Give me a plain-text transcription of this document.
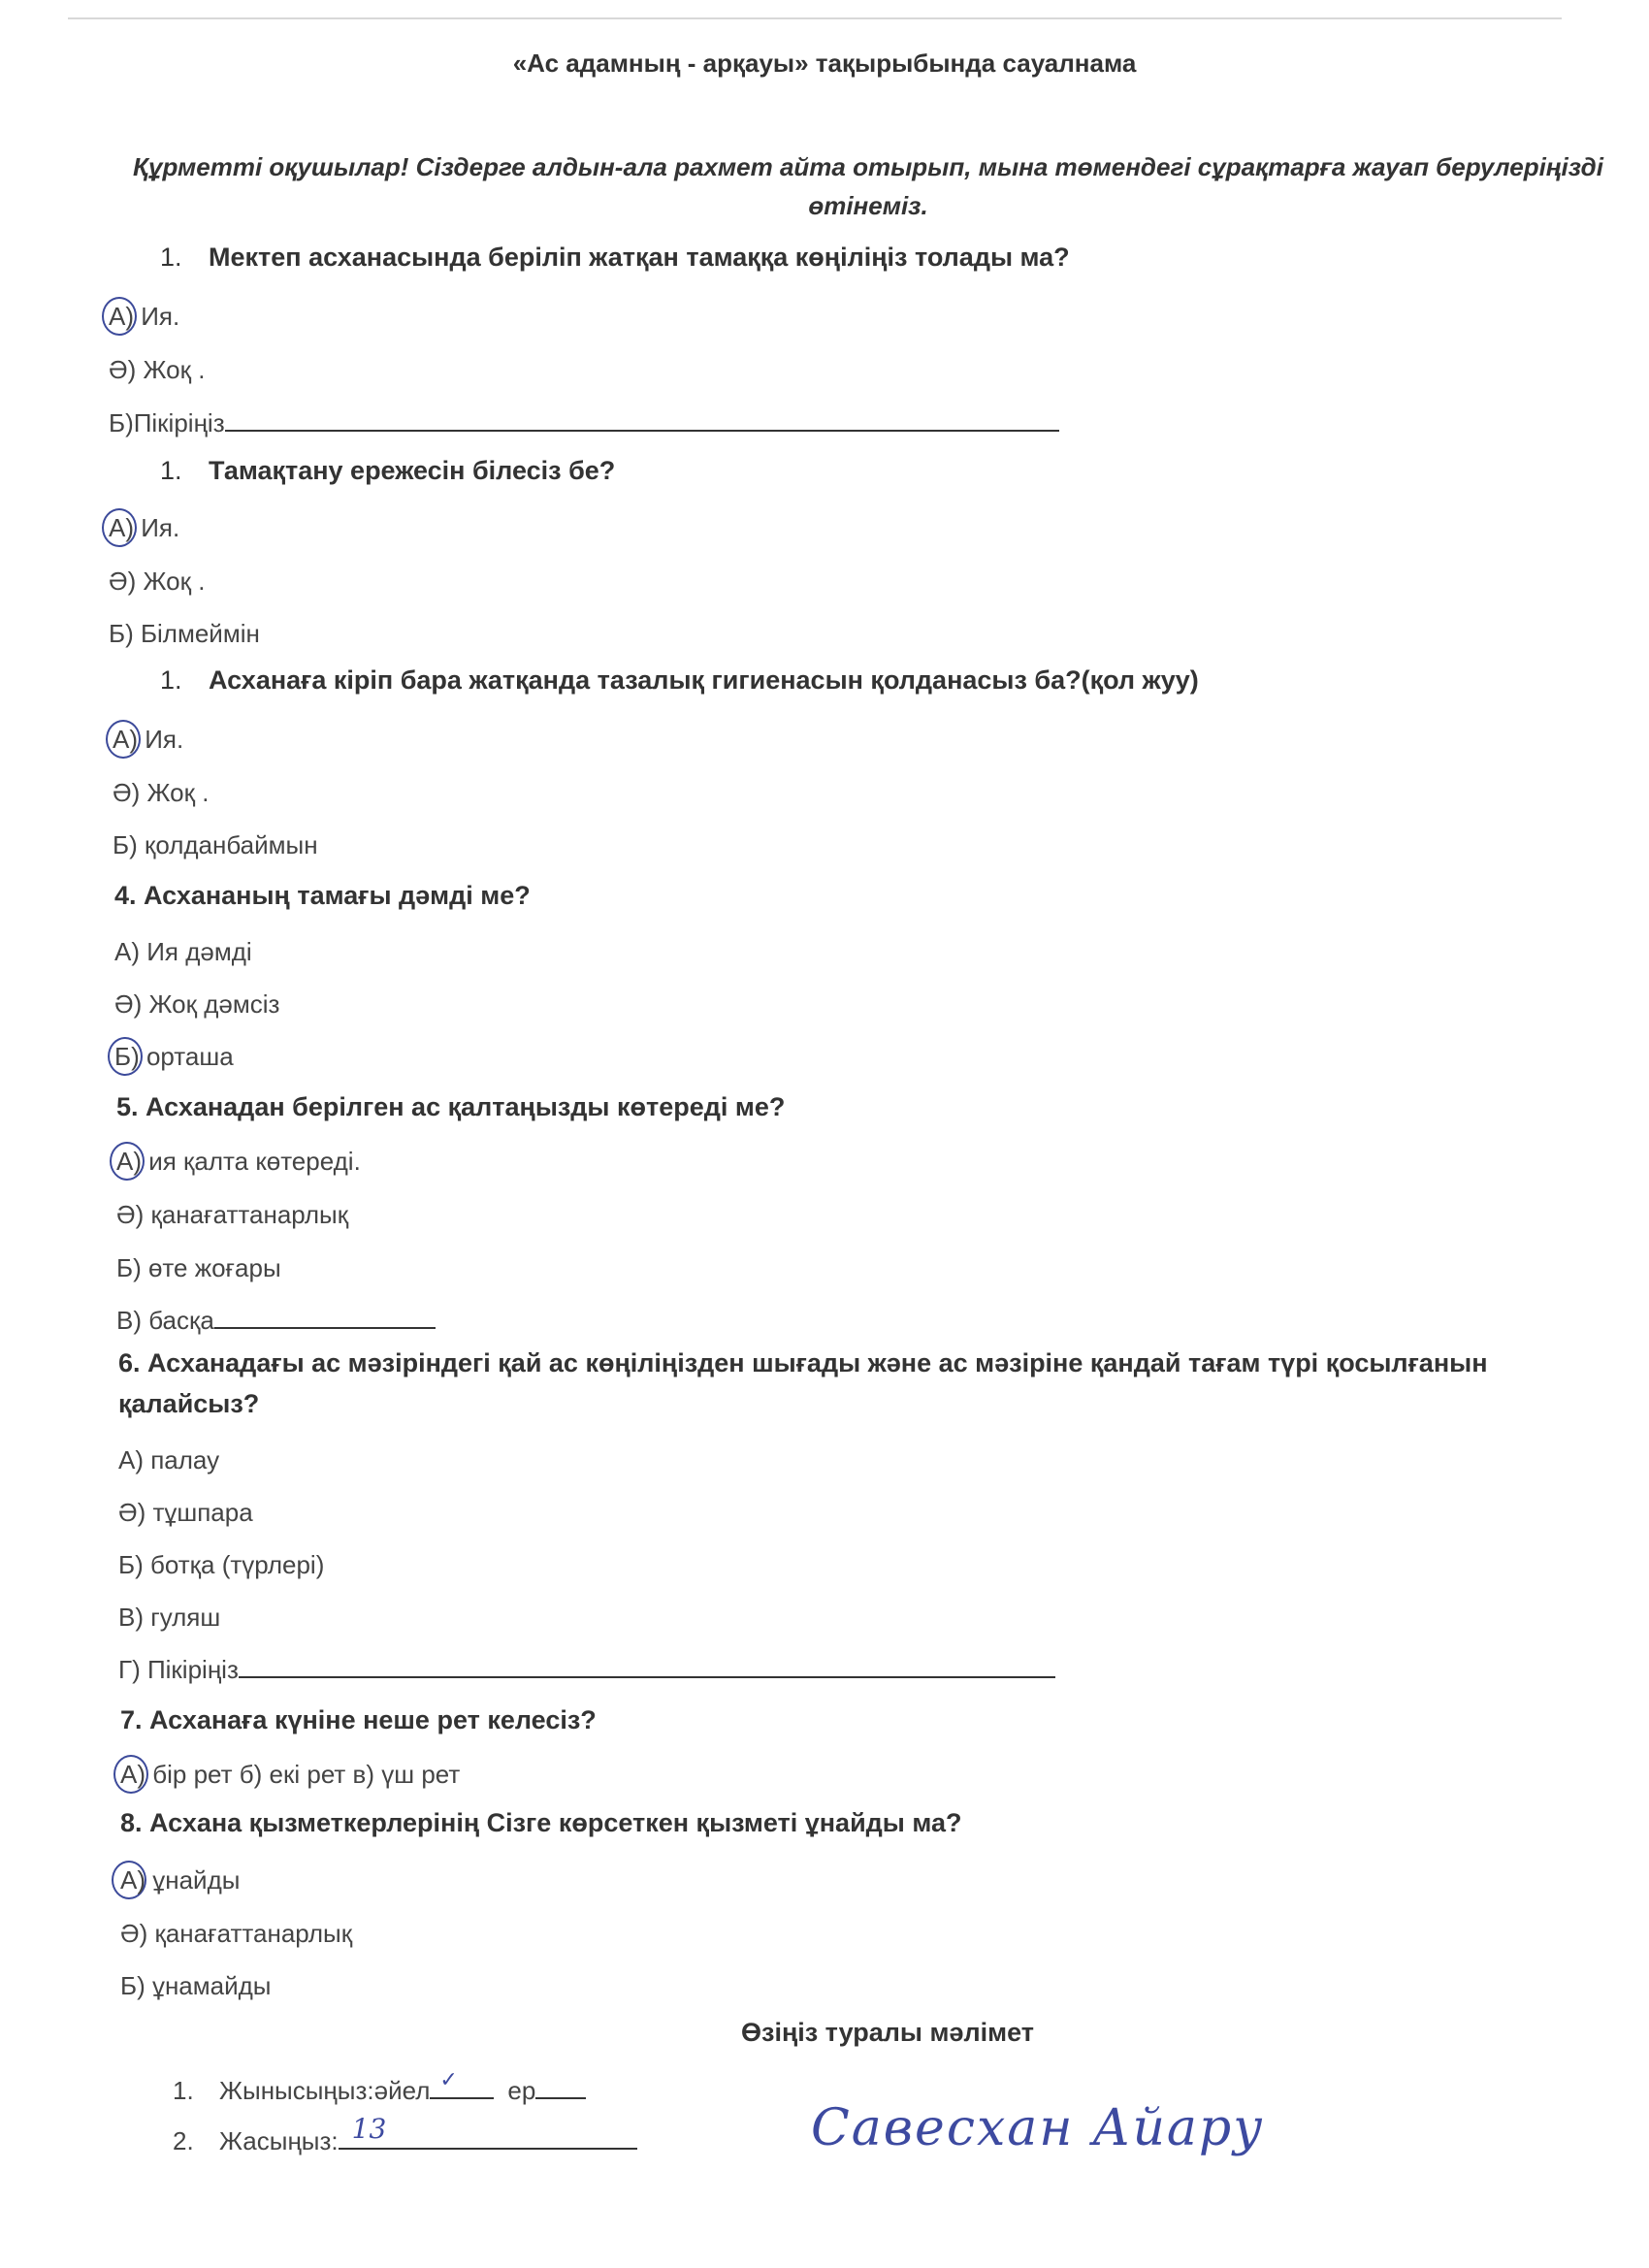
«Ас адамның - арқауы» тақырыбында сауалнама
Құрметті оқушылар! Сіздерге алдын-ала рахмет айта отырып, мына төмендегі сұрақтарға жауап берулеріңізді өтінеміз.
1. Мектеп асханасында беріліп жатқан тамаққа көңіліңіз толады ма?
А) Ия.
Ә) Жоқ .
Б)Пікіріңіз
1. Тамақтану ережесін білесіз бе?
А) Ия.
Ә) Жоқ .
Б) Білмеймін
1. Асханаға кіріп бара жатқанда тазалық гигиенасын қолданасыз ба?(қол жуу)
А) Ия.
Ә) Жоқ .
Б) қолданбаймын
4. Асхананың тамағы дәмді ме?
А) Ия дәмді
Ә) Жоқ дәмсіз
Б) орташа
5. Асханадан берілген ас қалтаңызды көтереді ме?
А) ия қалта көтереді.
Ә) қанағаттанарлық
Б) өте жоғары
В) басқа
6. Асханадағы ас мәзіріндегі қай ас көңіліңізден шығады және ас мәзіріне қандай тағам түрі қосылғанын қалайсыз?
А) палау
Ә) тұшпара
Б) ботқа (түрлері)
В) гуляш
Г) Пікіріңіз
7. Асханаға күніне неше рет келесіз?
А) бір рет б) екі рет в) үш рет
8. Асхана қызметкерлерінің Сізге көрсеткен қызметі ұнайды ма?
А) ұнайды
Ә) қанағаттанарлық
Б) ұнамайды
Өзіңіз туралы мәлімет
1. Жынысыңыз:әйел ✓ ер
2. Жасыңыз: 13	Савесхан Айару
